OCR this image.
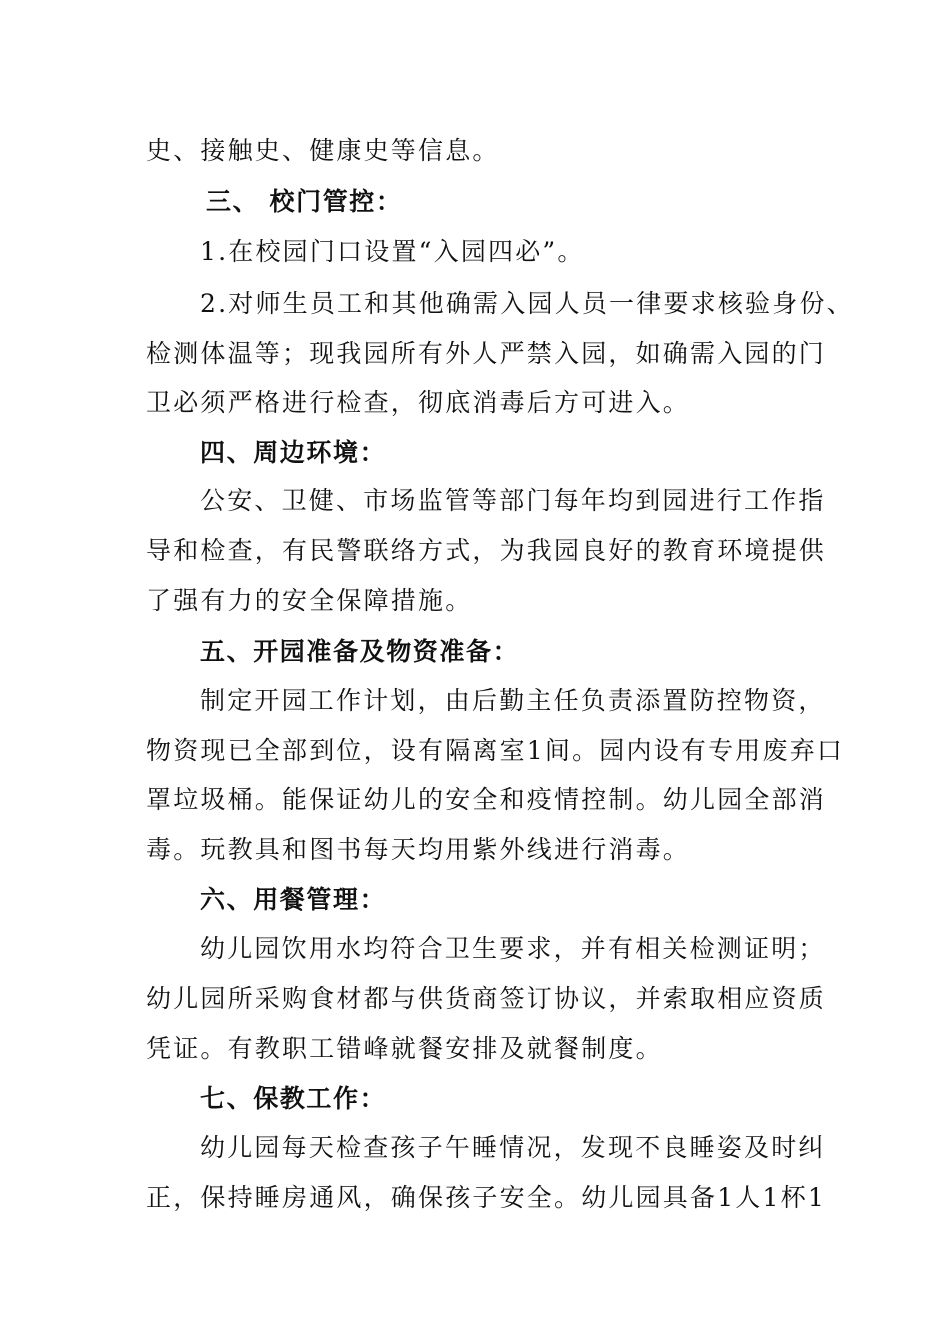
史、接触史、健康史等信息。
三、 校门管控：
1.在校园门口设置“入园四必”。
2.对师生员工和其他确需入园人员一律要求核验身份、
检测体温等；现我园所有外人严禁入园，如确需入园的门
卫必须严格进行检查，彻底消毒后方可进入。
四、周边环境：
公安、卫健、市场监管等部门每年均到园进行工作指
导和检查，有民警联络方式，为我园良好的教育环境提供
了强有力的安全保障措施。
五、开园准备及物资准备：
制定开园工作计划，由后勤主任负责添置防控物资，
物资现已全部到位，设有隔离室1间。园内设有专用废弃口
罩垃圾桶。能保证幼儿的安全和疫情控制。幼儿园全部消
毒。玩教具和图书每天均用紫外线进行消毒。
六、用餐管理：
幼儿园饮用水均符合卫生要求，并有相关检测证明；
幼儿园所采购食材都与供货商签订协议，并索取相应资质
凭证。有教职工错峰就餐安排及就餐制度。
七、保教工作：
幼儿园每天检查孩子午睡情况，发现不良睡姿及时纠
正，保持睡房通风，确保孩子安全。幼儿园具备1人1杯1
